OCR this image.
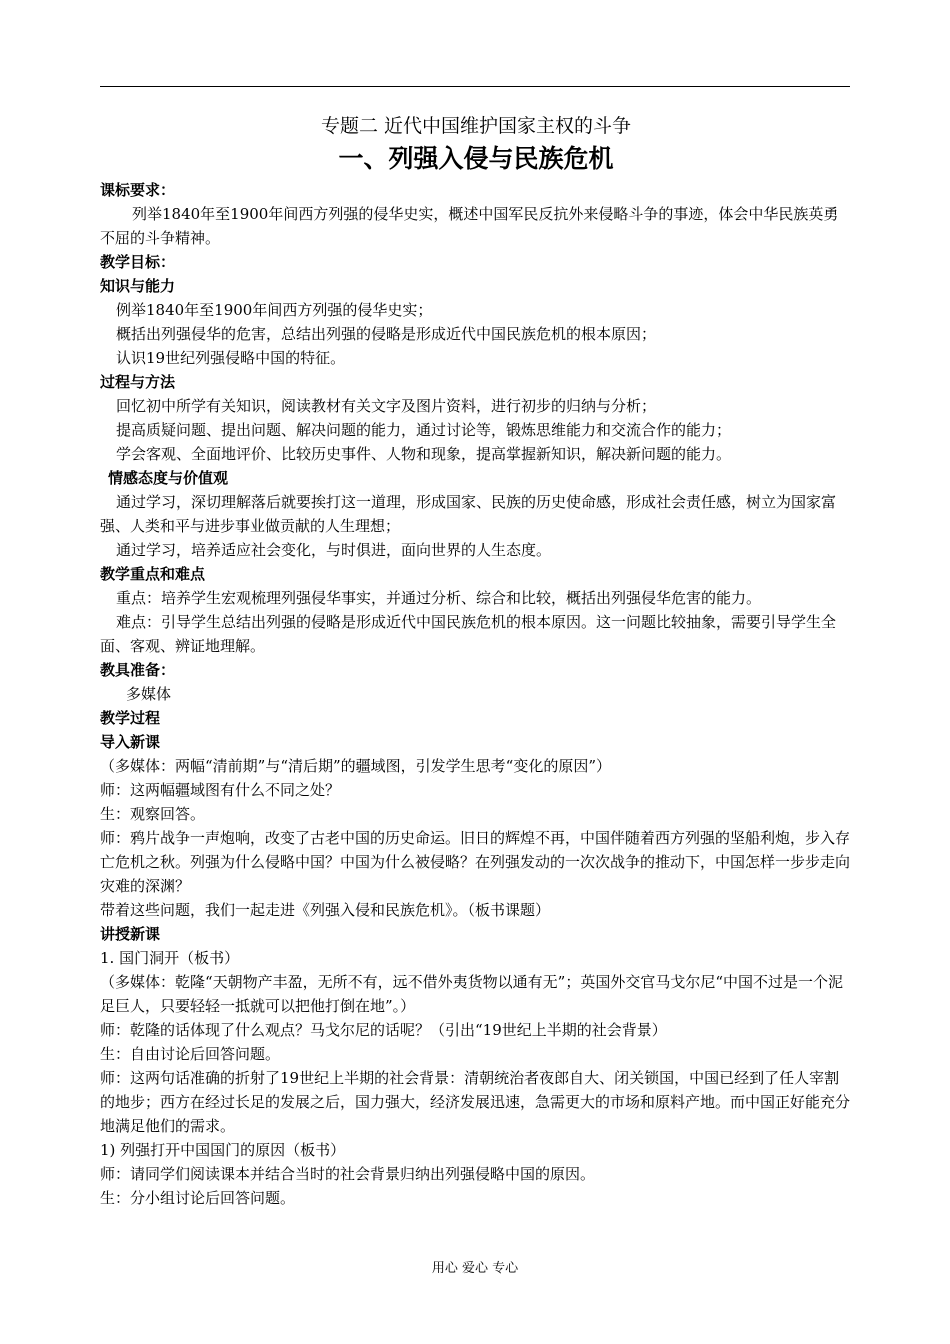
专题二 近代中国维护国家主权的斗争

一、列强入侵与民族危机

课标要求：

列举1840年至1900年间西方列强的侵华史实，概述中国军民反抗外来侵略斗争的事迹，体会中华民族英勇不屈的斗争精神。

教学目标：

知识与能力

例举1840年至1900年间西方列强的侵华史实；

概括出列强侵华的危害，总结出列强的侵略是形成近代中国民族危机的根本原因；

认识19世纪列强侵略中国的特征。

过程与方法

回忆初中所学有关知识，阅读教材有关文字及图片资料，进行初步的归纳与分析；

提高质疑问题、提出问题、解决问题的能力，通过讨论等，锻炼思维能力和交流合作的能力；

学会客观、全面地评价、比较历史事件、人物和现象，提高掌握新知识，解决新问题的能力。

情感态度与价值观

通过学习，深切理解落后就要挨打这一道理，形成国家、民族的历史使命感，形成社会责任感，树立为国家富强、人类和平与进步事业做贡献的人生理想；

通过学习，培养适应社会变化，与时俱进，面向世界的人生态度。

教学重点和难点

重点：培养学生宏观梳理列强侵华事实，并通过分析、综合和比较，概括出列强侵华危害的能力。

难点：引导学生总结出列强的侵略是形成近代中国民族危机的根本原因。这一问题比较抽象，需要引导学生全面、客观、辨证地理解。

教具准备：

多媒体

教学过程

导入新课

（多媒体：两幅“清前期”与“清后期”的疆域图，引发学生思考“变化的原因”）

师：这两幅疆域图有什么不同之处？

生：观察回答。

师：鸦片战争一声炮响，改变了古老中国的历史命运。旧日的辉煌不再，中国伴随着西方列强的坚船利炮，步入存亡危机之秋。列强为什么侵略中国？中国为什么被侵略？在列强发动的一次次战争的推动下，中国怎样一步步走向灾难的深渊？

带着这些问题，我们一起走进《列强入侵和民族危机》。（板书课题）

讲授新课

1. 国门洞开（板书）

（多媒体：乾隆“天朝物产丰盈，无所不有，远不借外夷货物以通有无”；英国外交官马戈尔尼“中国不过是一个泥足巨人，只要轻轻一抵就可以把他打倒在地”。）

师：乾隆的话体现了什么观点？马戈尔尼的话呢？（引出“19世纪上半期的社会背景）

生：自由讨论后回答问题。

师：这两句话准确的折射了19世纪上半期的社会背景：清朝统治者夜郎自大、闭关锁国，中国已经到了任人宰割的地步；西方在经过长足的发展之后，国力强大，经济发展迅速，急需更大的市场和原料产地。而中国正好能充分地满足他们的需求。

1) 列强打开中国国门的原因（板书）

师：请同学们阅读课本并结合当时的社会背景归纳出列强侵略中国的原因。

生：分小组讨论后回答问题。

用心 爱心 专心
